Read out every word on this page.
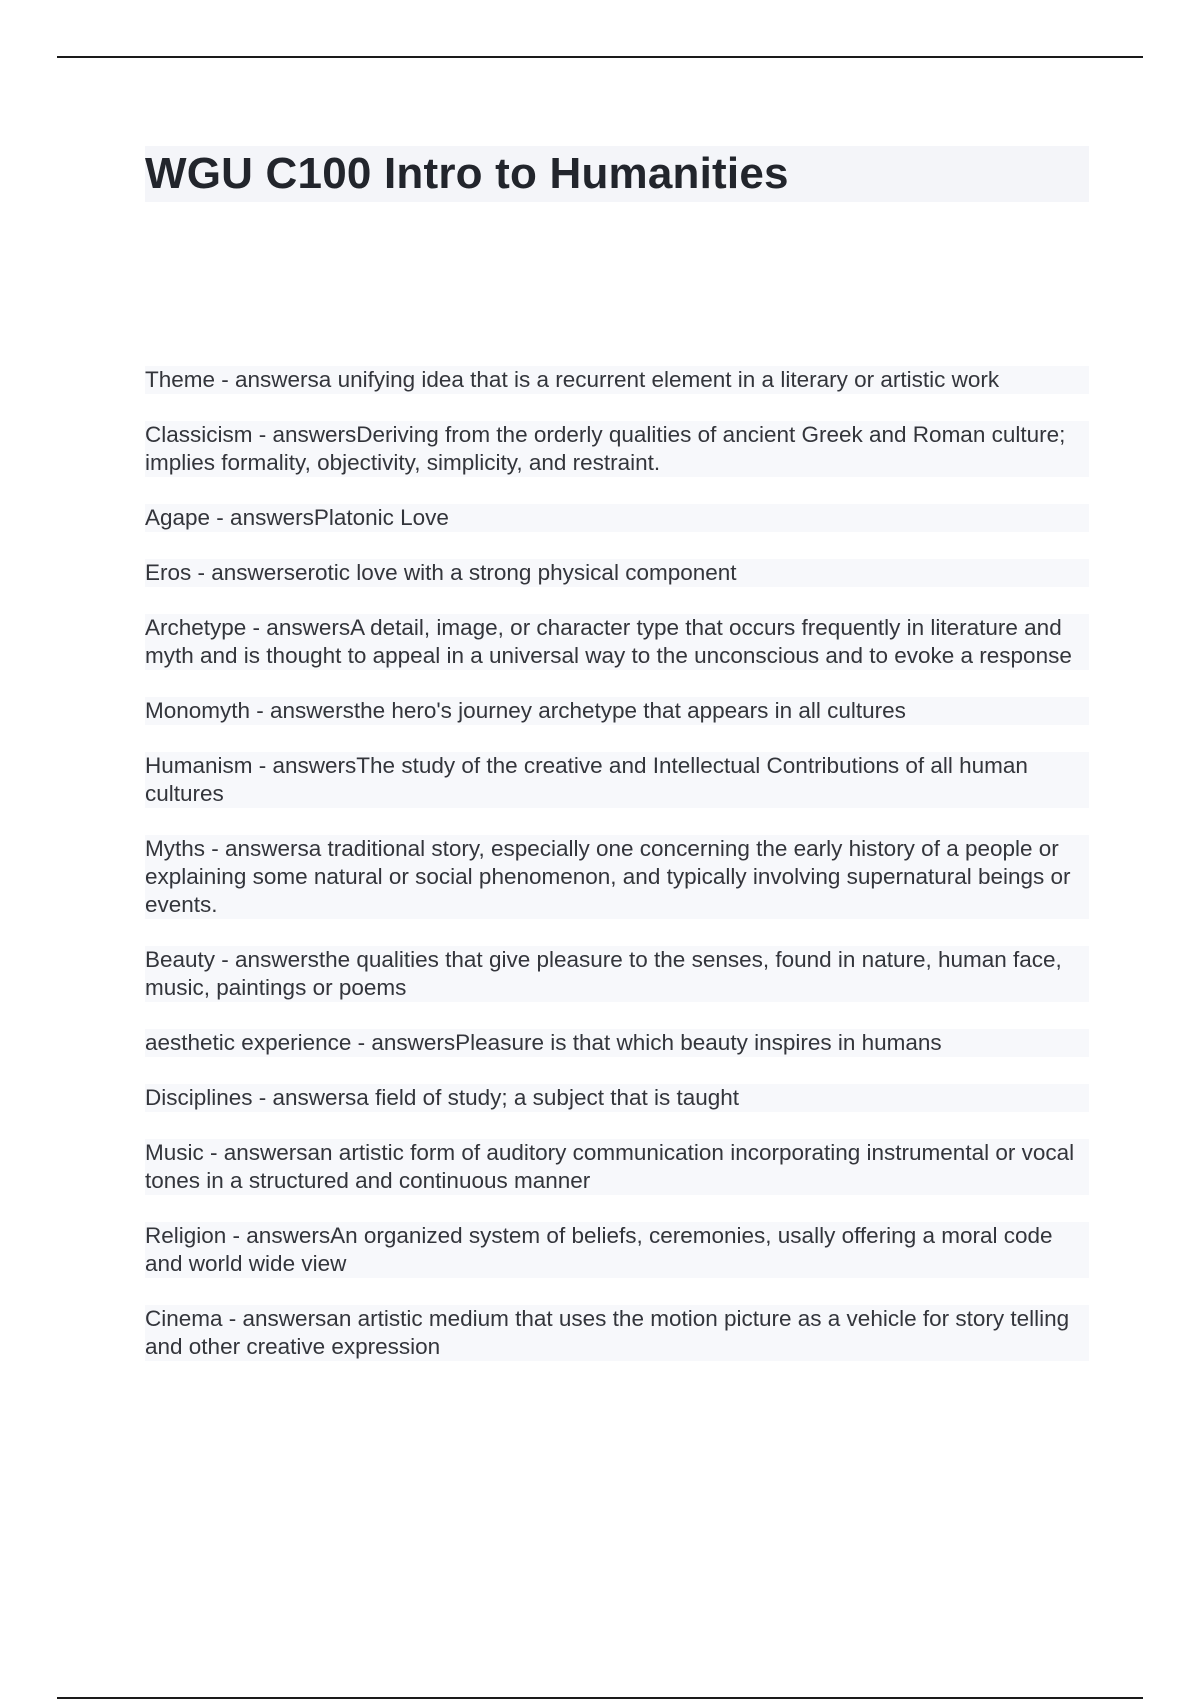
WGU C100 Intro to Humanities
Theme - answersa unifying idea that is a recurrent element in a literary or artistic work
Classicism - answersDeriving from the orderly qualities of ancient Greek and Roman culture; implies formality, objectivity, simplicity, and restraint.
Agape - answersPlatonic Love
Eros - answerserotic love with a strong physical component
Archetype - answersA detail, image, or character type that occurs frequently in literature and myth and is thought to appeal in a universal way to the unconscious and to evoke a response
Monomyth - answersthe hero's journey archetype that appears in all cultures
Humanism - answersThe study of the creative and Intellectual Contributions of all human cultures
Myths - answersa traditional story, especially one concerning the early history of a people or explaining some natural or social phenomenon, and typically involving supernatural beings or events.
Beauty - answersthe qualities that give pleasure to the senses, found in nature, human face, music, paintings or poems
aesthetic experience - answersPleasure is that which beauty inspires in humans
Disciplines - answersa field of study; a subject that is taught
Music - answersan artistic form of auditory communication incorporating instrumental or vocal tones in a structured and continuous manner
Religion - answersAn organized system of beliefs, ceremonies, usally offering a moral code and world wide view
Cinema - answersan artistic medium that uses the motion picture as a vehicle for story telling and other creative expression
